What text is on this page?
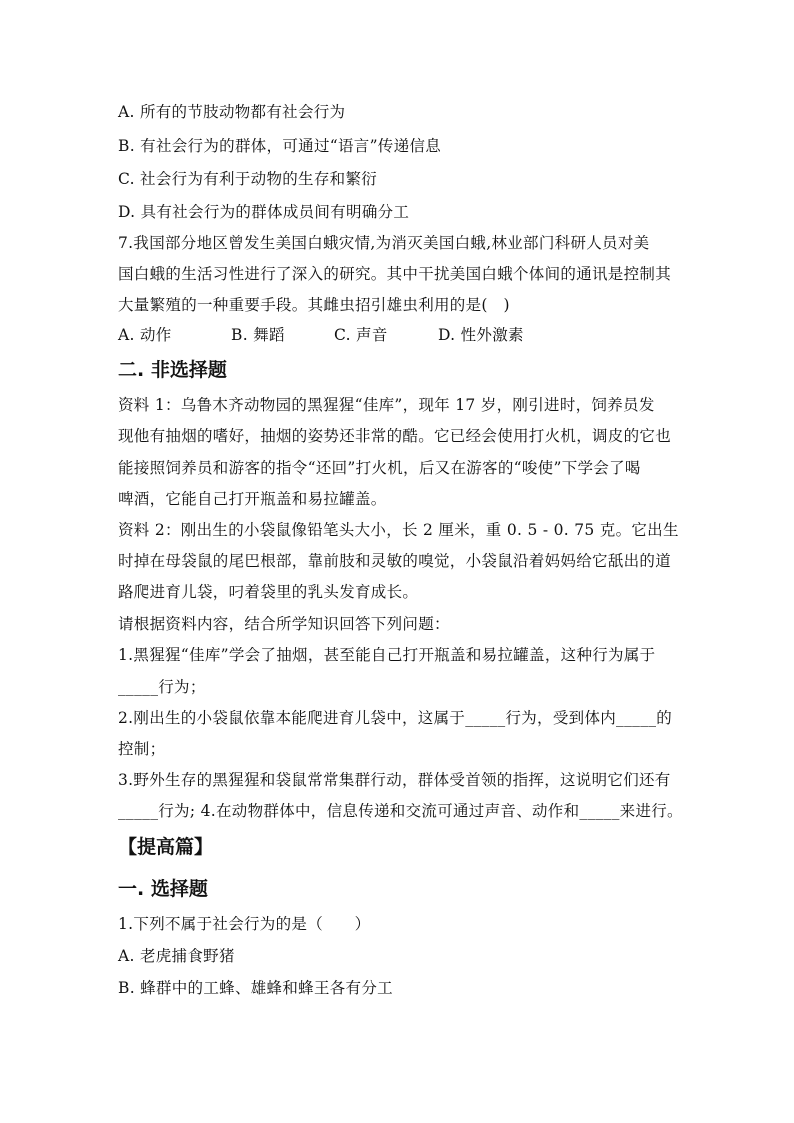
A. 所有的节肢动物都有社会行为
B. 有社会行为的群体，可通过“语言”传递信息
C. 社会行为有利于动物的生存和繁衍
D. 具有社会行为的群体成员间有明确分工
7.我国部分地区曾发生美国白蛾灾情,为消灭美国白蛾,林业部门科研人员对美
国白蛾的生活习性进行了深入的研究。其中干扰美国白蛾个体间的通讯是控制其
大量繁殖的一种重要手段。其雌虫招引雄虫利用的是(　)
A. 动作	B. 舞蹈	C. 声音	D. 性外激素
二. 非选择题
资料 1：乌鲁木齐动物园的黑猩猩“佳库”，现年 17 岁，刚引进时，饲养员发
现他有抽烟的嗜好，抽烟的姿势还非常的酷。它已经会使用打火机，调皮的它也
能接照饲养员和游客的指令“还回”打火机，后又在游客的“唆使”下学会了喝
啤酒，它能自己打开瓶盖和易拉罐盖。
资料 2：刚出生的小袋鼠像铅笔头大小，长 2 厘米，重 0. 5 - 0. 75 克。它出生
时掉在母袋鼠的尾巴根部，靠前肢和灵敏的嗅觉，小袋鼠沿着妈妈给它舐出的道
路爬进育儿袋，叼着袋里的乳头发育成长。
请根据资料内容，结合所学知识回答下列问题：
1.黑猩猩“佳库”学会了抽烟，甚至能自己打开瓶盖和易拉罐盖，这种行为属于
_____行为；
2.刚出生的小袋鼠依靠本能爬进育儿袋中，这属于_____行为，受到体内_____的
控制；
3.野外生存的黑猩猩和袋鼠常常集群行动，群体受首领的指挥，这说明它们还有
_____行为; 4.在动物群体中，信息传递和交流可通过声音、动作和_____来进行。
【提高篇】
一. 选择题
1.下列不属于社会行为的是（　　）
A. 老虎捕食野猪
B. 蜂群中的工蜂、雄蜂和蜂王各有分工
